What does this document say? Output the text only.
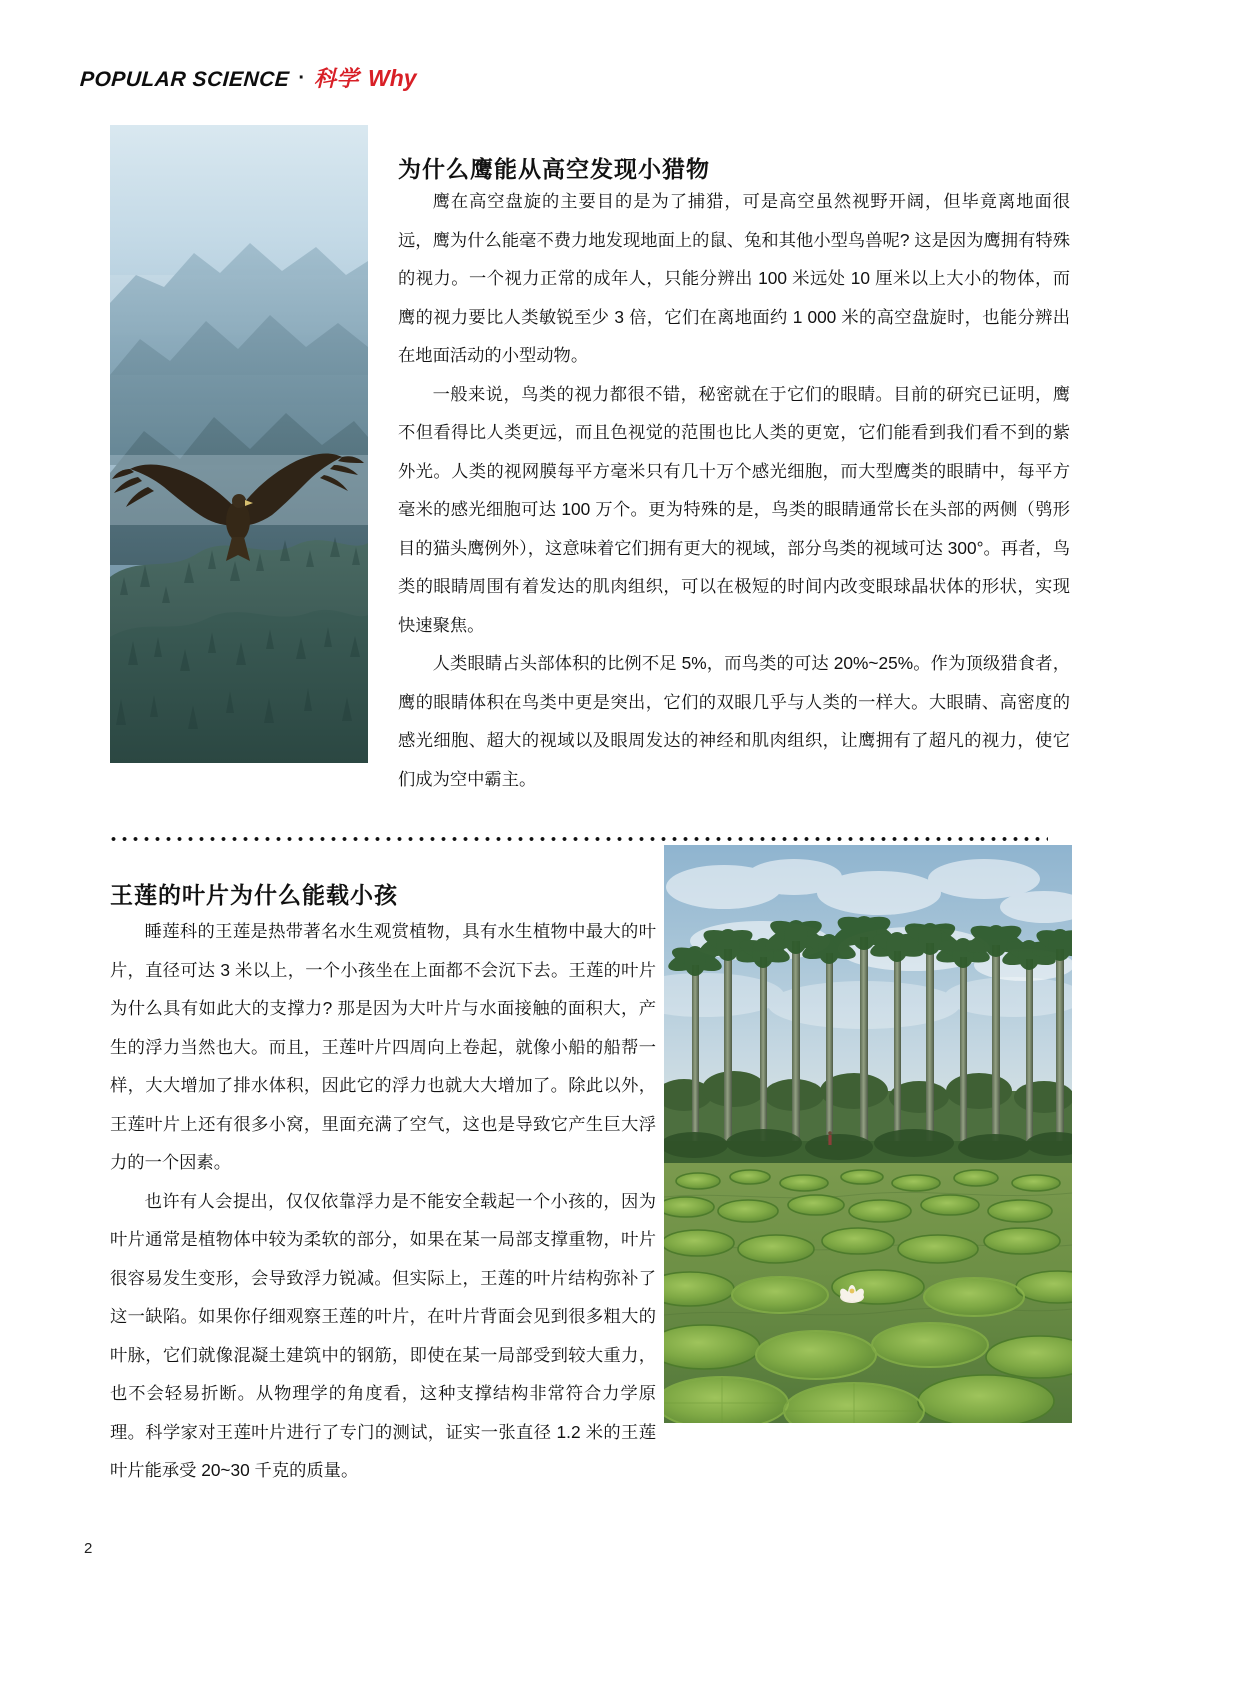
POPULAR SCIENCE · 科学 Why
为什么鹰能从高空发现小猎物

鹰在高空盘旋的主要目的是为了捕猎，可是高空虽然视野开阔，但毕竟离地面很远，鹰为什么能毫不费力地发现地面上的鼠、兔和其他小型鸟兽呢? 这是因为鹰拥有特殊的视力。一个视力正常的成年人，只能分辨出 100 米远处 10 厘米以上大小的物体，而鹰的视力要比人类敏锐至少 3 倍，它们在离地面约 1 000 米的高空盘旋时，也能分辨出在地面活动的小型动物。

一般来说，鸟类的视力都很不错，秘密就在于它们的眼睛。目前的研究已证明，鹰不但看得比人类更远，而且色视觉的范围也比人类的更宽，它们能看到我们看不到的紫外光。人类的视网膜每平方毫米只有几十万个感光细胞，而大型鹰类的眼睛中，每平方毫米的感光细胞可达 100 万个。更为特殊的是，鸟类的眼睛通常长在头部的两侧（鸮形目的猫头鹰例外），这意味着它们拥有更大的视域，部分鸟类的视域可达 300°。再者，鸟类的眼睛周围有着发达的肌肉组织，可以在极短的时间内改变眼球晶状体的形状，实现快速聚焦。

人类眼睛占头部体积的比例不足 5%，而鸟类的可达 20%~25%。作为顶级猎食者，鹰的眼睛体积在鸟类中更是突出，它们的双眼几乎与人类的一样大。大眼睛、高密度的感光细胞、超大的视域以及眼周发达的神经和肌肉组织，让鹰拥有了超凡的视力，使它们成为空中霸主。

王莲的叶片为什么能载小孩

睡莲科的王莲是热带著名水生观赏植物，具有水生植物中最大的叶片，直径可达 3 米以上，一个小孩坐在上面都不会沉下去。王莲的叶片为什么具有如此大的支撑力? 那是因为大叶片与水面接触的面积大，产生的浮力当然也大。而且，王莲叶片四周向上卷起，就像小船的船帮一样，大大增加了排水体积，因此它的浮力也就大大增加了。除此以外，王莲叶片上还有很多小窝，里面充满了空气，这也是导致它产生巨大浮力的一个因素。

也许有人会提出，仅仅依靠浮力是不能安全载起一个小孩的，因为叶片通常是植物体中较为柔软的部分，如果在某一局部支撑重物，叶片很容易发生变形，会导致浮力锐减。但实际上，王莲的叶片结构弥补了这一缺陷。如果你仔细观察王莲的叶片，在叶片背面会见到很多粗大的叶脉，它们就像混凝土建筑中的钢筋，即使在某一局部受到较大重力，也不会轻易折断。从物理学的角度看，这种支撑结构非常符合力学原理。科学家对王莲叶片进行了专门的测试，证实一张直径 1.2 米的王莲叶片能承受 20~30 千克的质量。

2
